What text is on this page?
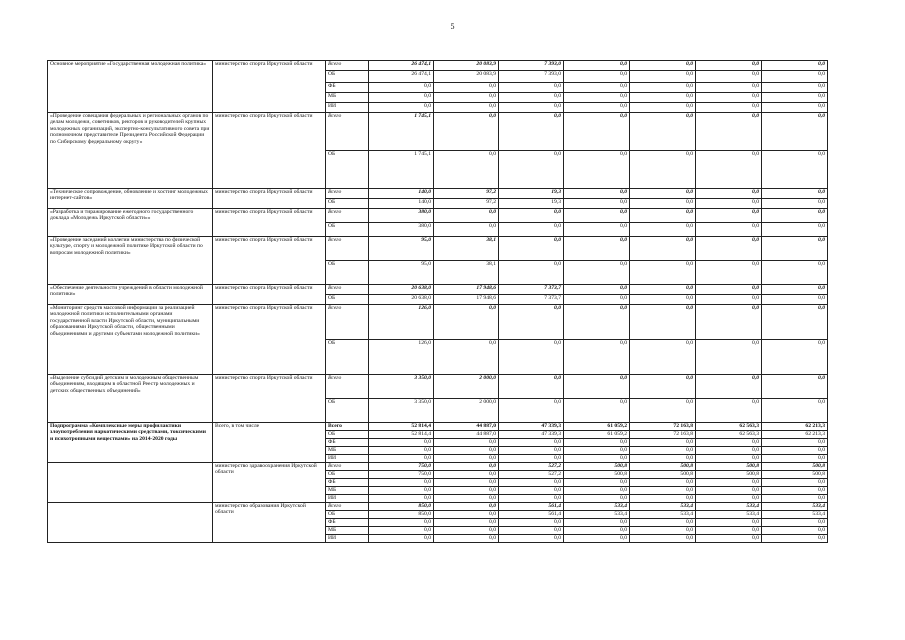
5
Основное мероприятие «Государственная молодежная политика»	министерство спорта Иркутской области	Всего	26 474,1	20 083,9	7 393,0	0,0	0,0	0,0	0,0
		ОБ	26 474,1	20 083,9	7 393,0	0,0	0,0	0,0	0,0
		ФБ	0,0	0,0	0,0	0,0	0,0	0,0	0,0
		МБ	0,0	0,0	0,0	0,0	0,0	0,0	0,0
		ИИ	0,0	0,0	0,0	0,0	0,0	0,0	0,0
«Проведение совещания федеральных и региональных органов по делам молодежи, советников, ректоров и руководителей крупных молодежных организаций, экспертно-консультативного совета при полномочном представителе Президента Российской Федерации по Сибирскому федеральному округу»	министерство спорта Иркутской области	Всего	1 745,1	0,0	0,0	0,0	0,0	0,0	0,0
		ОБ	1 745,1	0,0	0,0	0,0	0,0	0,0	0,0
«Техническое сопровождение, обновление и хостинг молодежных интернет-сайтов»	министерство спорта Иркутской области	Всего	140,0	97,2	19,3	0,0	0,0	0,0	0,0
		ОБ	140,0	97,2	19,3	0,0	0,0	0,0	0,0
«Разработка и тиражирование ежегодного государственного доклада «Молодежь Иркутской области»»	министерство спорта Иркутской области	Всего	380,0	0,0	0,0	0,0	0,0	0,0	0,0
		ОБ	380,0	0,0	0,0	0,0	0,0	0,0	0,0
«Проведение заседаний коллегии министерства по физической культуре, спорту и молодежной политике Иркутской области по вопросам молодежной политики»	министерство спорта Иркутской области	Всего	95,0	38,1	0,0	0,0	0,0	0,0	0,0
		ОБ	95,0	38,1	0,0	0,0	0,0	0,0	0,0
«Обеспечение деятельности учреждений в области молодежной политики»	министерство спорта Иркутской области	Всего	20 638,0	17 948,6	7 373,7	0,0	0,0	0,0	0,0
		ОБ	20 638,0	17 948,6	7 373,7	0,0	0,0	0,0	0,0
«Мониторинг средств массовой информации за реализацией молодежной политики исполнительными органами государственной власти Иркутской области, муниципальными образованиями Иркутской области, общественными объединениями и другими субъектами молодежной политики»	министерство спорта Иркутской области	Всего	126,0	0,0	0,0	0,0	0,0	0,0	0,0
		ОБ	126,0	0,0	0,0	0,0	0,0	0,0	0,0
«Выделение субсидий детским и молодежным общественным объединениям, входящим в областной Реестр молодежных и детских общественных объединений»	министерство спорта Иркутской области	Всего	3 350,0	2 000,0	0,0	0,0	0,0	0,0	0,0
		ОБ	3 350,0	2 000,0	0,0	0,0	0,0	0,0	0,0
Подпрограмма «Комплексные меры профилактики злоупотребления наркотическими средствами, токсическими и психотропными веществами» на 2014-2020 годы	Всего, в том числе	Всего	52 814,4	44 887,0	47 339,3	61 059,2	72 163,8	62 563,3	62 213,3
		ОБ	52 814,4	44 887,0	47 339,3	61 059,2	72 163,8	62 563,3	62 213,3
		ФБ	0,0	0,0	0,0	0,0	0,0	0,0	0,0
		МБ	0,0	0,0	0,0	0,0	0,0	0,0	0,0
		ИИ	0,0	0,0	0,0	0,0	0,0	0,0	0,0
	министерство здравоохранения Иркутской области	Всего	750,0	0,0	527,2	500,8	500,8	500,8	500,8
		ОБ	750,0	0,0	527,2	500,8	500,8	500,8	500,8
		ФБ	0,0	0,0	0,0	0,0	0,0	0,0	0,0
		МБ	0,0	0,0	0,0	0,0	0,0	0,0	0,0
		ИИ	0,0	0,0	0,0	0,0	0,0	0,0	0,0
	министерство образования Иркутской области	Всего	850,0	0,0	561,4	533,4	533,4	533,4	533,4
		ОБ	850,0	0,0	561,4	533,4	533,4	533,4	533,4
		ФБ	0,0	0,0	0,0	0,0	0,0	0,0	0,0
		МБ	0,0	0,0	0,0	0,0	0,0	0,0	0,0
		ИИ	0,0	0,0	0,0	0,0	0,0	0,0	0,0
